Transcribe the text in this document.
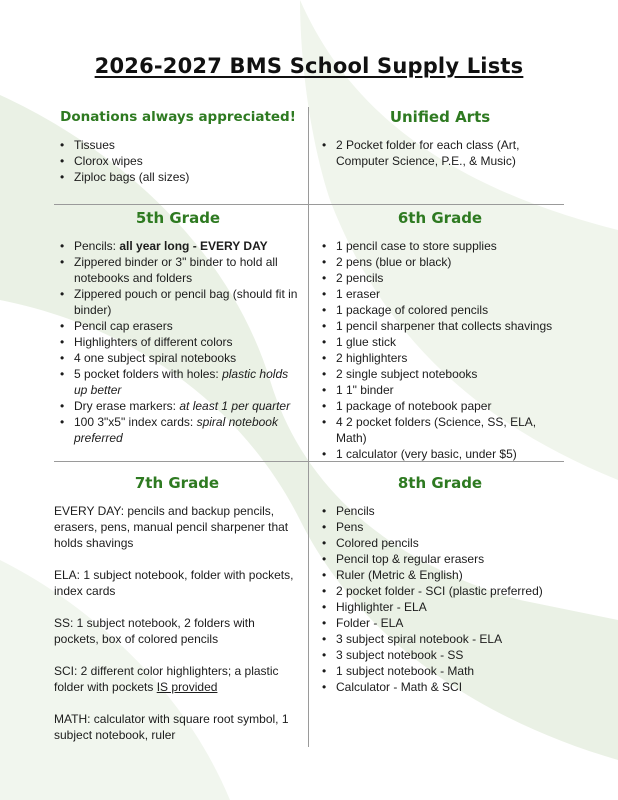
2026-2027 BMS School Supply Lists
Donations always appreciated!
• Tissues
• Clorox wipes
• Ziploc bags (all sizes)
Unified Arts
• 2 Pocket folder for each class (Art, Computer Science, P.E., & Music)
5th Grade
• Pencils: all year long - EVERY DAY
• Zippered binder or 3" binder to hold all notebooks and folders
• Zippered pouch or pencil bag (should fit in binder)
• Pencil cap erasers
• Highlighters of different colors
• 4 one subject spiral notebooks
• 5 pocket folders with holes: plastic holds up better
• Dry erase markers: at least 1 per quarter
• 100 3"x5" index cards: spiral notebook preferred
6th Grade
• 1 pencil case to store supplies
• 2 pens (blue or black)
• 2 pencils
• 1 eraser
• 1 package of colored pencils
• 1 pencil sharpener that collects shavings
• 1 glue stick
• 2 highlighters
• 2 single subject notebooks
• 1 1" binder
• 1 package of notebook paper
• 4 2 pocket folders (Science, SS, ELA, Math)
• 1 calculator (very basic, under $5)
7th Grade

EVERY DAY: pencils and backup pencils, erasers, pens, manual pencil sharpener that holds shavings

ELA: 1 subject notebook, folder with pockets, index cards

SS: 1 subject notebook, 2 folders with pockets, box of colored pencils

SCI: 2 different color highlighters; a plastic folder with pockets IS provided

MATH: calculator with square root symbol, 1 subject notebook, ruler

8th Grade
• Pencils
• Pens
• Colored pencils
• Pencil top & regular erasers
• Ruler (Metric & English)
• 2 pocket folder - SCI (plastic preferred)
• Highlighter - ELA
• Folder - ELA
• 3 subject spiral notebook - ELA
• 3 subject notebook - SS
• 1 subject notebook - Math
• Calculator - Math & SCI
